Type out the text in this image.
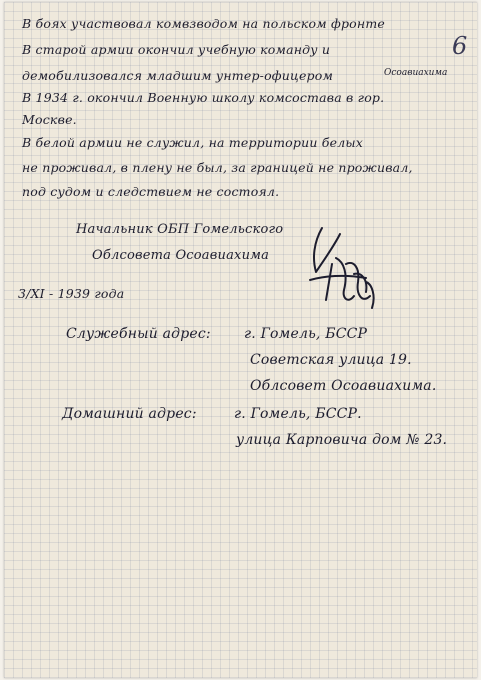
6
В боях участвовал комвзводом на польском фронте
В старой армии окончил учебную команду и
демобилизовался младшим унтер-офицером	Осоавиахима
В 1934 г. окончил Военную школу комсостава в гор.
Москве.
В белой армии не служил, на территории белых
не проживал, в плену не был, за границей не проживал,
под судом и следствием не состоял.
Начальник ОБП Гомельского
Облсовета Осоавиахима
3/XI - 1939 года
Служебный адрес: г. Гомель, БССР
Советская улица 19.
Облсовет Осоавиахима.
Домашний адрес:	г. Гомель, БССР.
улица Карповича дом № 23.
